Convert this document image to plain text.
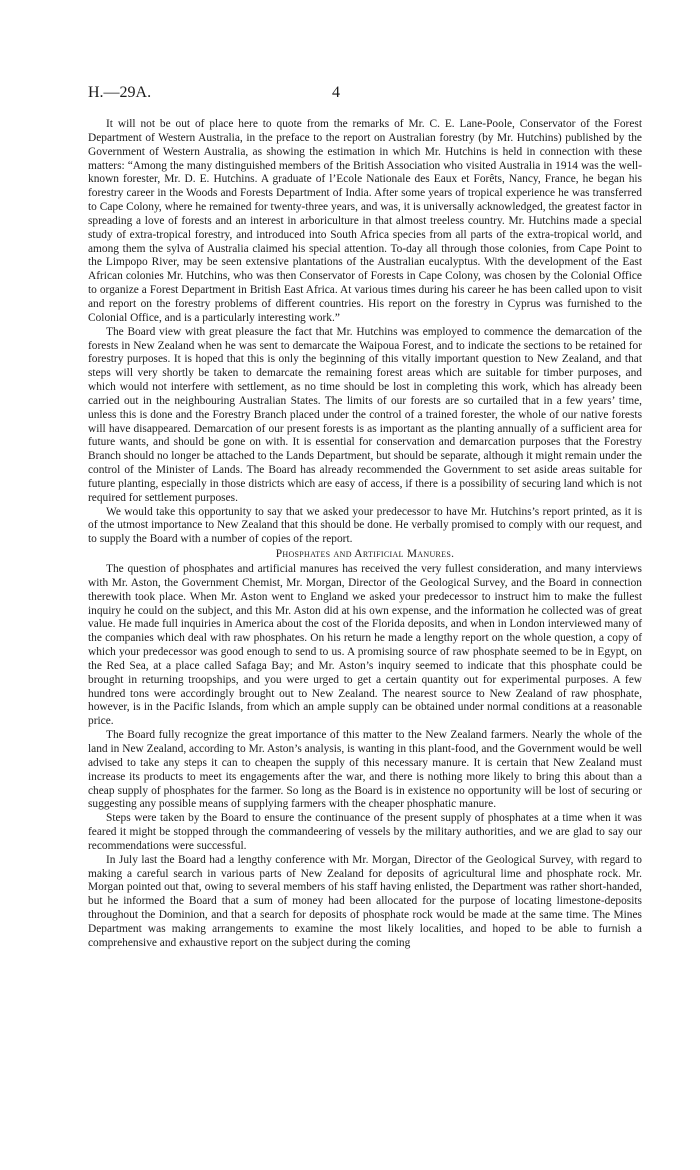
H.—29A.	4

It will not be out of place here to quote from the remarks of Mr. C. E. Lane-Poole, Conservator of the Forest Department of Western Australia, in the preface to the report on Australian forestry (by Mr. Hutchins) published by the Government of Western Australia, as showing the estimation in which Mr. Hutchins is held in connection with these matters: “Among the many distinguished members of the British Association who visited Australia in 1914 was the well-known forester, Mr. D. E. Hutchins. A graduate of l’Ecole Nationale des Eaux et Forêts, Nancy, France, he began his forestry career in the Woods and Forests Department of India. After some years of tropical experience he was transferred to Cape Colony, where he remained for twenty-three years, and was, it is universally acknowledged, the greatest factor in spreading a love of forests and an interest in arboriculture in that almost treeless country. Mr. Hutchins made a special study of extra-tropical forestry, and introduced into South Africa species from all parts of the extra-tropical world, and among them the sylva of Australia claimed his special attention. To-day all through those colonies, from Cape Point to the Limpopo River, may be seen extensive plantations of the Australian eucalyptus. With the development of the East African colonies Mr. Hutchins, who was then Conservator of Forests in Cape Colony, was chosen by the Colonial Office to organize a Forest Department in British East Africa. At various times during his career he has been called upon to visit and report on the forestry problems of different countries. His report on the forestry in Cyprus was furnished to the Colonial Office, and is a particularly interesting work.”

The Board view with great pleasure the fact that Mr. Hutchins was employed to commence the demarcation of the forests in New Zealand when he was sent to demarcate the Waipoua Forest, and to indicate the sections to be retained for forestry purposes. It is hoped that this is only the beginning of this vitally important question to New Zealand, and that steps will very shortly be taken to demarcate the remaining forest areas which are suitable for timber purposes, and which would not interfere with settlement, as no time should be lost in completing this work, which has already been carried out in the neighbouring Australian States. The limits of our forests are so curtailed that in a few years’ time, unless this is done and the Forestry Branch placed under the control of a trained forester, the whole of our native forests will have disappeared. Demarcation of our present forests is as important as the planting annually of a sufficient area for future wants, and should be gone on with. It is essential for conservation and demarcation purposes that the Forestry Branch should no longer be attached to the Lands Department, but should be separate, although it might remain under the control of the Minister of Lands. The Board has already recommended the Government to set aside areas suitable for future planting, especially in those districts which are easy of access, if there is a possibility of securing land which is not required for settlement purposes.

We would take this opportunity to say that we asked your predecessor to have Mr. Hutchins’s report printed, as it is of the utmost importance to New Zealand that this should be done. He verbally promised to comply with our request, and to supply the Board with a number of copies of the report.

Phosphates and Artificial Manures.

The question of phosphates and artificial manures has received the very fullest consideration, and many interviews with Mr. Aston, the Government Chemist, Mr. Morgan, Director of the Geological Survey, and the Board in connection therewith took place. When Mr. Aston went to England we asked your predecessor to instruct him to make the fullest inquiry he could on the subject, and this Mr. Aston did at his own expense, and the information he collected was of great value. He made full inquiries in America about the cost of the Florida deposits, and when in London interviewed many of the companies which deal with raw phosphates. On his return he made a lengthy report on the whole question, a copy of which your predecessor was good enough to send to us. A promising source of raw phosphate seemed to be in Egypt, on the Red Sea, at a place called Safaga Bay; and Mr. Aston’s inquiry seemed to indicate that this phosphate could be brought in returning troopships, and you were urged to get a certain quantity out for experimental purposes. A few hundred tons were accordingly brought out to New Zealand. The nearest source to New Zealand of raw phosphate, however, is in the Pacific Islands, from which an ample supply can be obtained under normal conditions at a reasonable price.

The Board fully recognize the great importance of this matter to the New Zealand farmers. Nearly the whole of the land in New Zealand, according to Mr. Aston’s analysis, is wanting in this plant-food, and the Government would be well advised to take any steps it can to cheapen the supply of this necessary manure. It is certain that New Zealand must increase its products to meet its engagements after the war, and there is nothing more likely to bring this about than a cheap supply of phosphates for the farmer. So long as the Board is in existence no opportunity will be lost of securing or suggesting any possible means of supplying farmers with the cheaper phosphatic manure.

Steps were taken by the Board to ensure the continuance of the present supply of phosphates at a time when it was feared it might be stopped through the commandeering of vessels by the military authorities, and we are glad to say our recommendations were successful.

In July last the Board had a lengthy conference with Mr. Morgan, Director of the Geological Survey, with regard to making a careful search in various parts of New Zealand for deposits of agricultural lime and phosphate rock. Mr. Morgan pointed out that, owing to several members of his staff having enlisted, the Department was rather short-handed, but he informed the Board that a sum of money had been allocated for the purpose of locating limestone-deposits throughout the Dominion, and that a search for deposits of phosphate rock would be made at the same time. The Mines Department was making arrangements to examine the most likely localities, and hoped to be able to furnish a comprehensive and exhaustive report on the subject during the coming
